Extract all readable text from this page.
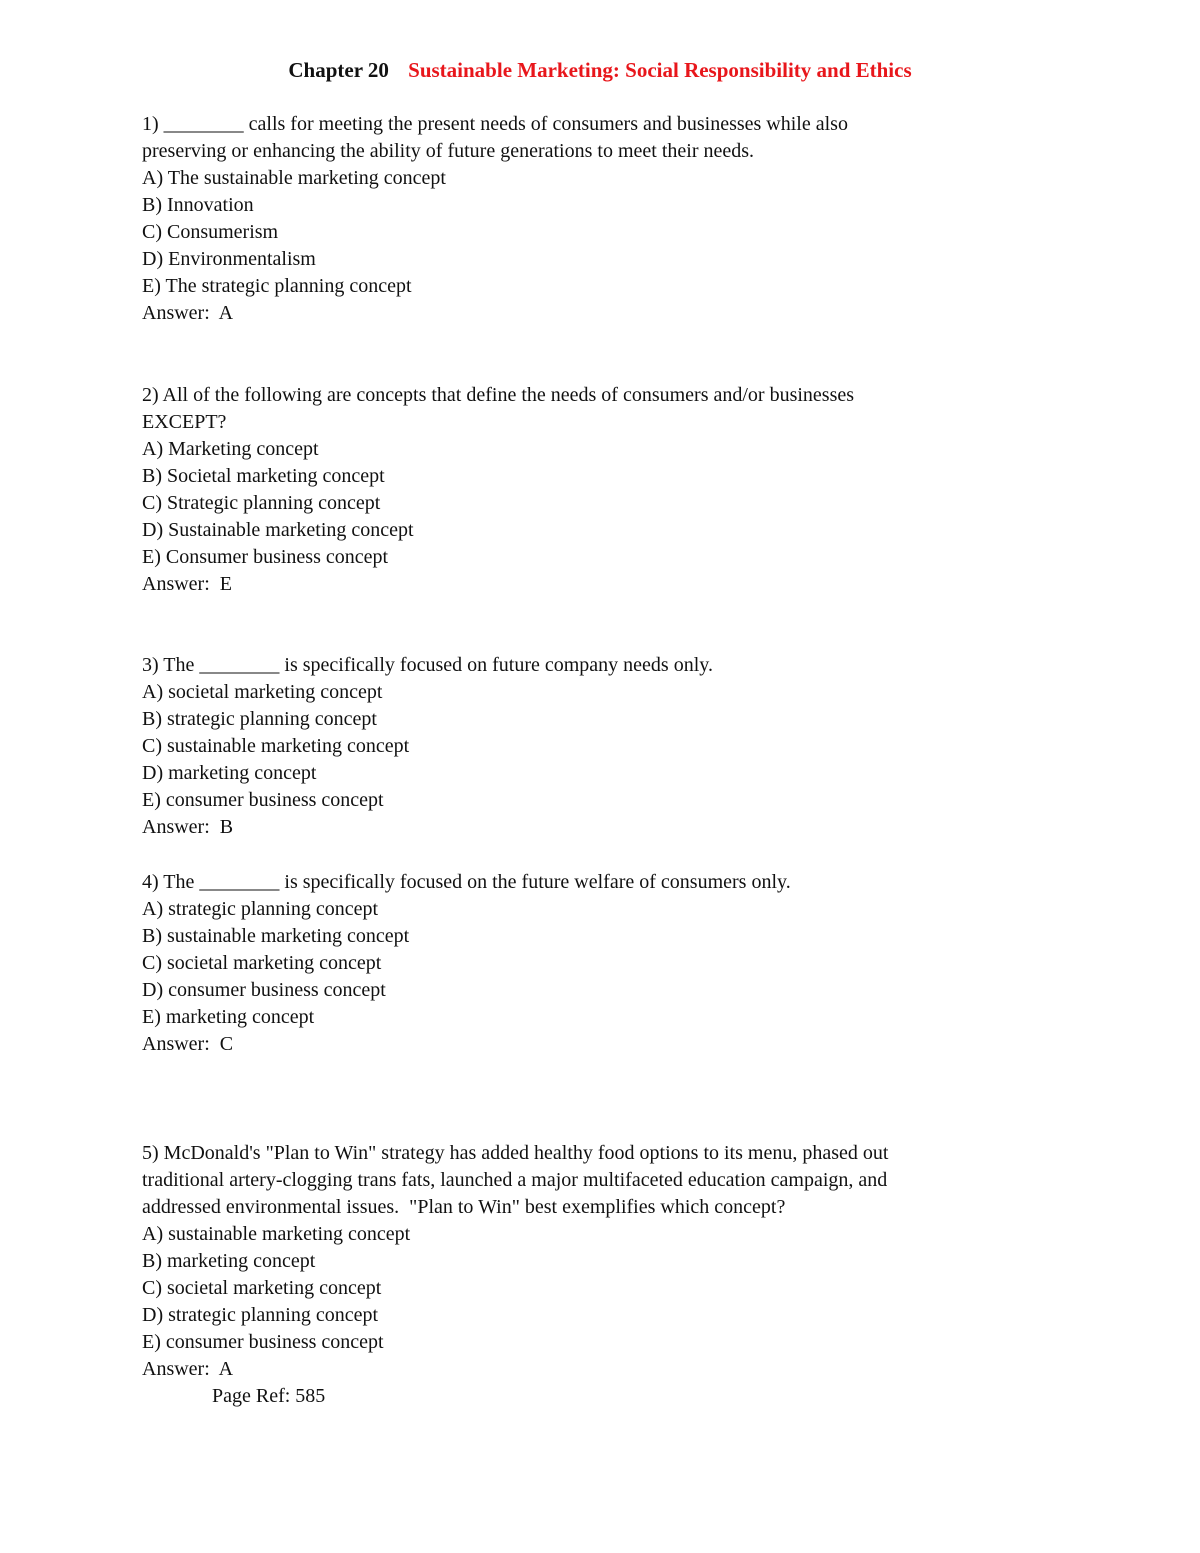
Chapter 20 Sustainable Marketing: Social Responsibility and Ethics
1) ________ calls for meeting the present needs of consumers and businesses while also
preserving or enhancing the ability of future generations to meet their needs.
A) The sustainable marketing concept
B) Innovation
C) Consumerism
D) Environmentalism
E) The strategic planning concept
Answer:  A
2) All of the following are concepts that define the needs of consumers and/or businesses
EXCEPT?
A) Marketing concept
B) Societal marketing concept
C) Strategic planning concept
D) Sustainable marketing concept
E) Consumer business concept
Answer:  E
3) The ________ is specifically focused on future company needs only.
A) societal marketing concept
B) strategic planning concept
C) sustainable marketing concept
D) marketing concept
E) consumer business concept
Answer:  B
4) The ________ is specifically focused on the future welfare of consumers only.
A) strategic planning concept
B) sustainable marketing concept
C) societal marketing concept
D) consumer business concept
E) marketing concept
Answer:  C
5) McDonald's "Plan to Win" strategy has added healthy food options to its menu, phased out
traditional artery-clogging trans fats, launched a major multifaceted education campaign, and
addressed environmental issues.  "Plan to Win" best exemplifies which concept?
A) sustainable marketing concept
B) marketing concept
C) societal marketing concept
D) strategic planning concept
E) consumer business concept
Answer:  A
Page Ref: 585
